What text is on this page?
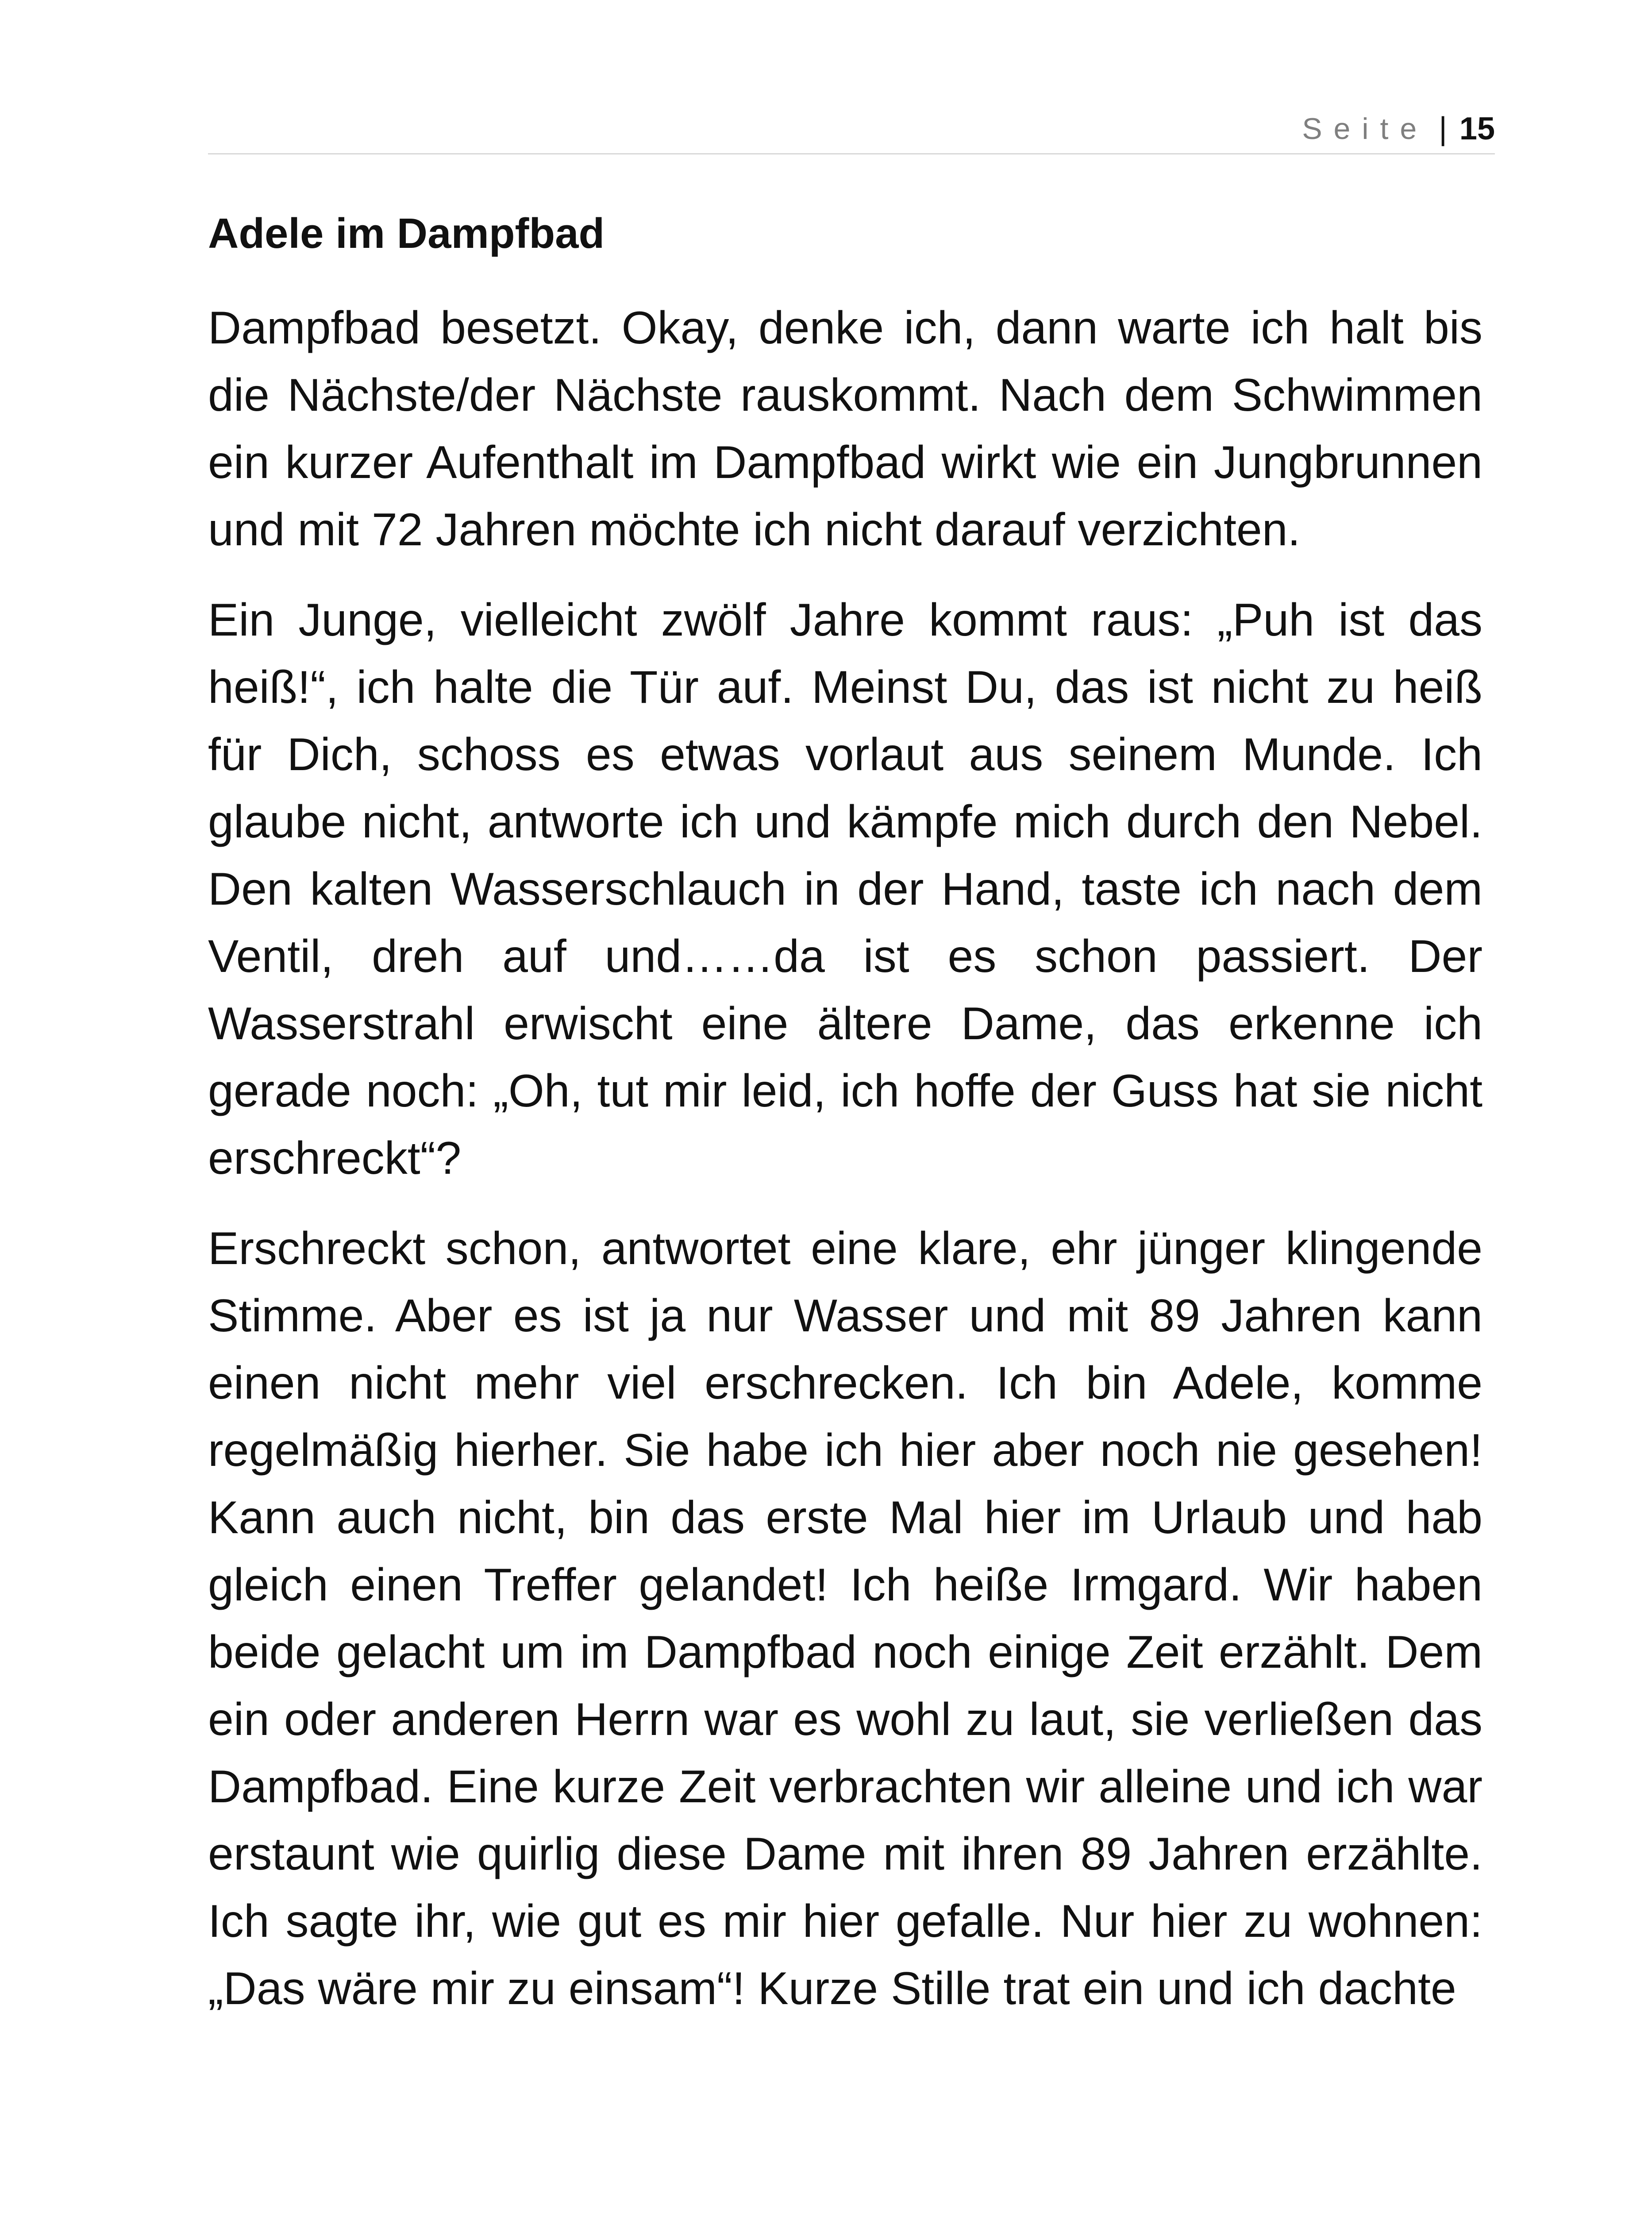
Seite | 15
Adele im Dampfbad

Dampfbad besetzt. Okay, denke ich, dann warte ich halt bis die Nächste/der Nächste rauskommt. Nach dem Schwimmen ein kurzer Aufenthalt im Dampfbad wirkt wie ein Jungbrunnen und mit 72 Jahren möchte ich nicht darauf verzichten.

Ein Junge, vielleicht zwölf Jahre kommt raus: „Puh ist das heiß!“, ich halte die Tür auf. Meinst Du, das ist nicht zu heiß für Dich, schoss es etwas vorlaut aus seinem Munde. Ich glaube nicht, antworte ich und kämpfe mich durch den Nebel. Den kalten Wasserschlauch in der Hand, taste ich nach dem Ventil, dreh auf und……da ist es schon passiert. Der Wasserstrahl erwischt eine ältere Dame, das erkenne ich gerade noch: „Oh, tut mir leid, ich hoffe der Guss hat sie nicht erschreckt“?

Erschreckt schon, antwortet eine klare, ehr jünger klingende Stimme. Aber es ist ja nur Wasser und mit 89 Jahren kann einen nicht mehr viel erschrecken. Ich bin Adele, komme regelmäßig hierher. Sie habe ich hier aber noch nie gesehen! Kann auch nicht, bin das erste Mal hier im Urlaub und hab gleich einen Treffer gelandet! Ich heiße Irmgard. Wir haben beide gelacht um im Dampfbad noch einige Zeit erzählt. Dem ein oder anderen Herrn war es wohl zu laut, sie verließen das Dampfbad. Eine kurze Zeit verbrachten wir alleine und ich war erstaunt wie quirlig diese Dame mit ihren 89 Jahren erzählte. Ich sagte ihr, wie gut es mir hier gefalle. Nur hier zu wohnen: „Das wäre mir zu einsam“! Kurze Stille trat ein und ich dachte
